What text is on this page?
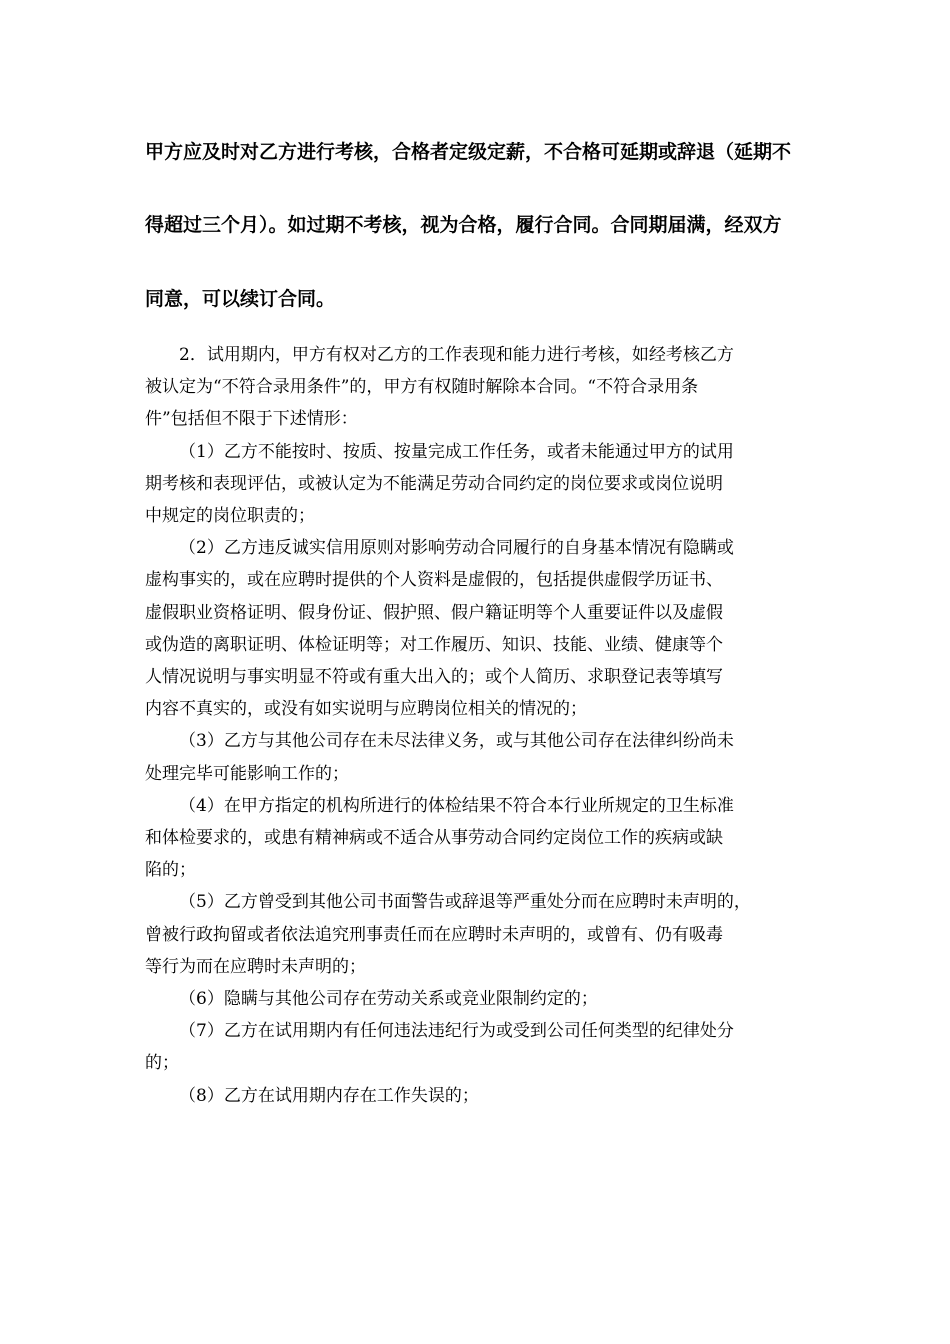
甲方应及时对乙方进行考核，合格者定级定薪，不合格可延期或辞退（延期不
得超过三个月）。如过期不考核，视为合格，履行合同。合同期届满，经双方
同意，可以续订合同。

2．试用期内，甲方有权对乙方的工作表现和能力进行考核，如经考核乙方
被认定为“不符合录用条件”的，甲方有权随时解除本合同。“不符合录用条
件”包括但不限于下述情形：

（1）乙方不能按时、按质、按量完成工作任务，或者未能通过甲方的试用
期考核和表现评估，或被认定为不能满足劳动合同约定的岗位要求或岗位说明
中规定的岗位职责的；

（2）乙方违反诚实信用原则对影响劳动合同履行的自身基本情况有隐瞒或
虚构事实的，或在应聘时提供的个人资料是虚假的，包括提供虚假学历证书、
虚假职业资格证明、假身份证、假护照、假户籍证明等个人重要证件以及虚假
或伪造的离职证明、体检证明等；对工作履历、知识、技能、业绩、健康等个
人情况说明与事实明显不符或有重大出入的；或个人简历、求职登记表等填写
内容不真实的，或没有如实说明与应聘岗位相关的情况的；

（3）乙方与其他公司存在未尽法律义务，或与其他公司存在法律纠纷尚未
处理完毕可能影响工作的；

（4）在甲方指定的机构所进行的体检结果不符合本行业所规定的卫生标准
和体检要求的，或患有精神病或不适合从事劳动合同约定岗位工作的疾病或缺
陷的；

（5）乙方曾受到其他公司书面警告或辞退等严重处分而在应聘时未声明的，
曾被行政拘留或者依法追究刑事责任而在应聘时未声明的，或曾有、仍有吸毒
等行为而在应聘时未声明的；

（6）隐瞒与其他公司存在劳动关系或竞业限制约定的；

（7）乙方在试用期内有任何违法违纪行为或受到公司任何类型的纪律处分
的；

（8）乙方在试用期内存在工作失误的；
